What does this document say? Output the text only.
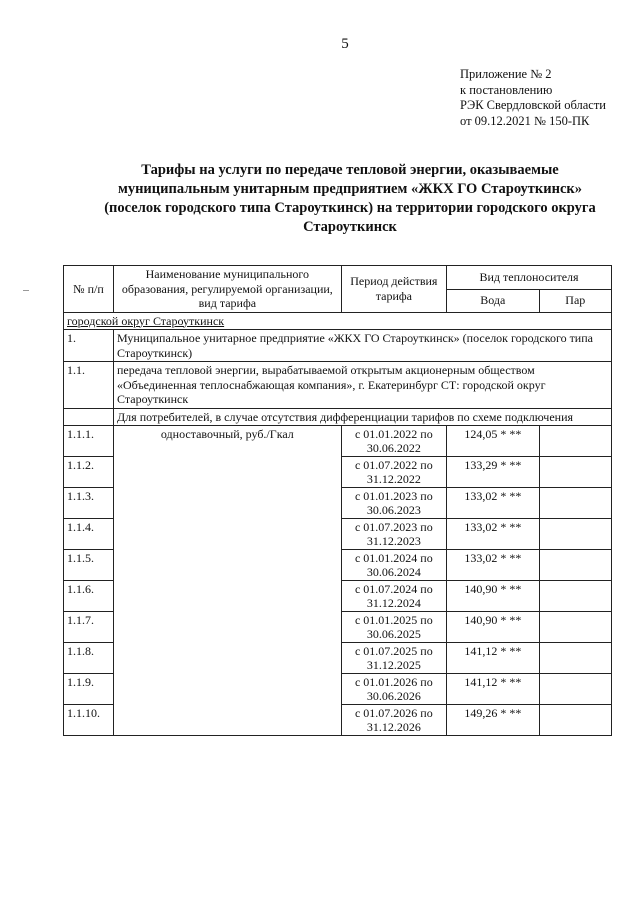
5
Приложение № 2
к постановлению
РЭК Свердловской области
от 09.12.2021 № 150-ПК
Тарифы на услуги по передаче тепловой энергии, оказываемые
муниципальным унитарным предприятием «ЖКХ ГО Староуткинск»
(поселок городского типа Староуткинск) на территории городского округа
Староуткинск
№ п/п	Наименование муниципального образования, регулируемой организации, вид тарифа	Период действия тарифа	Вид теплоносителя	
			Вода	Пар
городской округ Староуткинск				
1.	Муниципальное унитарное предприятие «ЖКХ ГО Староуткинск» (поселок городского типа Староуткинск)			
1.1.	передача тепловой энергии, вырабатываемой открытым акционерным обществом «Объединенная теплоснабжающая компания», г. Екатеринбург СТ: городской округ Староуткинск			
	Для потребителей, в случае отсутствия дифференциации тарифов по схеме подключения			
1.1.1.	одноставочный, руб./Гкал	с 01.01.2022 по
30.06.2022	124,05 * **	
1.1.2.		с 01.07.2022 по
31.12.2022	133,29 * **	
1.1.3.		с 01.01.2023 по
30.06.2023	133,02 * **	
1.1.4.		с 01.07.2023 по
31.12.2023	133,02 * **	
1.1.5.		с 01.01.2024 по
30.06.2024	133,02 * **	
1.1.6.		с 01.07.2024 по
31.12.2024	140,90 * **	
1.1.7.		с 01.01.2025 по
30.06.2025	140,90 * **	
1.1.8.		с 01.07.2025 по
31.12.2025	141,12 * **	
1.1.9.		с 01.01.2026 по
30.06.2026	141,12 * **	
1.1.10.		с 01.07.2026 по
31.12.2026	149,26 * **	
